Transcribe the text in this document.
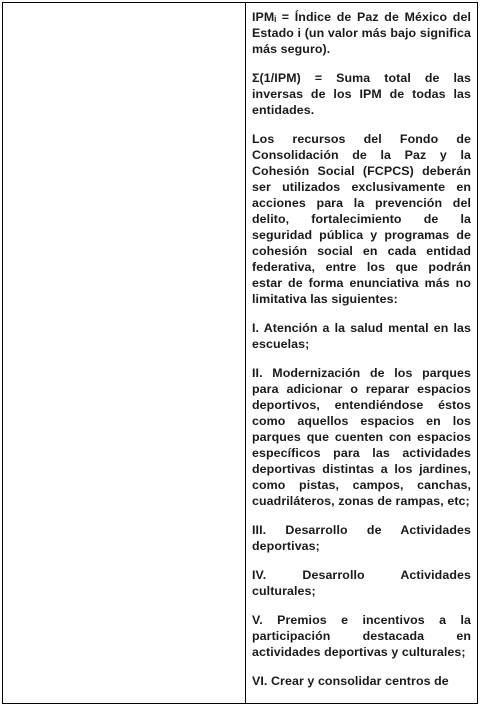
IPMᵢ = Índice de Paz de México del Estado i (un valor más bajo significa más seguro).

Σ(1/IPM) = Suma total de las inversas de los IPM de todas las entidades.

Los recursos del Fondo de Consolidación de la Paz y la Cohesión Social (FCPCS) deberán ser utilizados exclusivamente en acciones para la prevención del delito, fortalecimiento de la seguridad pública y programas de cohesión social en cada entidad federativa, entre los que podrán estar de forma enunciativa más no limitativa las siguientes:

I. Atención a la salud mental en las escuelas;

II. Modernización de los parques para adicionar o reparar espacios deportivos, entendiéndose éstos como aquellos espacios en los parques que cuenten con espacios específicos para las actividades deportivas distintas a los jardines, como pistas, campos, canchas, cuadriláteros, zonas de rampas, etc;

III. Desarrollo de Actividades deportivas;

IV. Desarrollo Actividades culturales;

V. Premios e incentivos a la participación destacada en actividades deportivas y culturales;

VI. Crear y consolidar centros de
